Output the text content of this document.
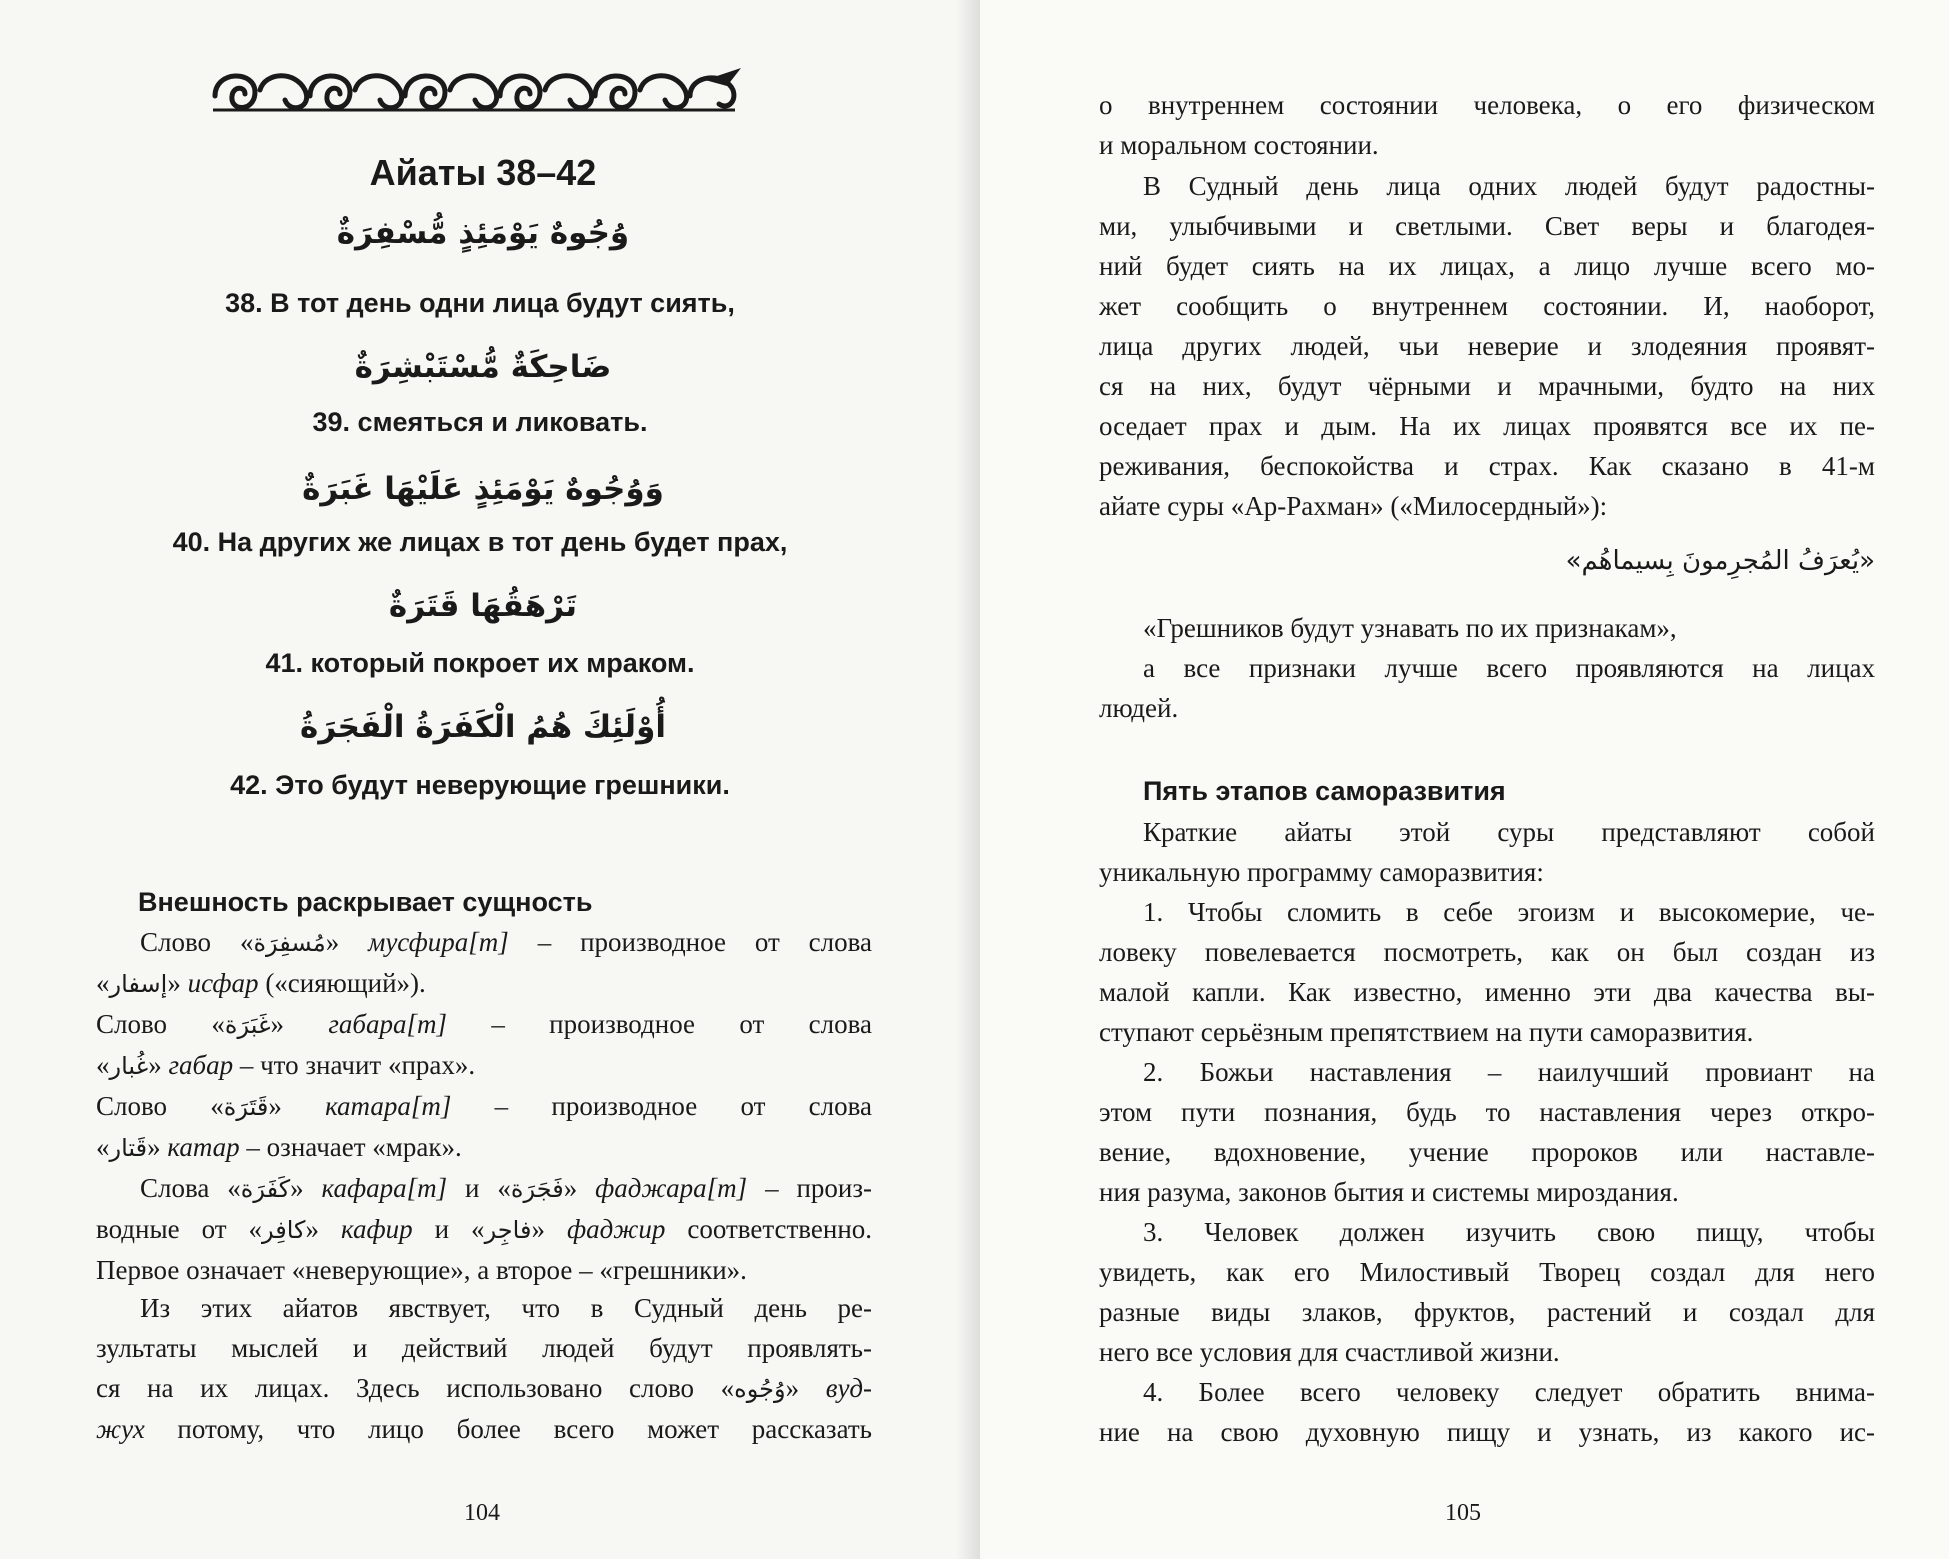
Айаты 38–42
وُجُوهٌ يَوْمَئِذٍ مُّسْفِرَةٌ
38. В тот день одни лица будут сиять,
ضَاحِكَةٌ مُّسْتَبْشِرَةٌ
39. смеяться и ликовать.
وَوُجُوهٌ يَوْمَئِذٍ عَلَيْهَا غَبَرَةٌ
40. На других же лицах в тот день будет прах,
تَرْهَقُهَا قَتَرَةٌ
41. который покроет их мраком.
أُوْلَئِكَ هُمُ الْكَفَرَةُ الْفَجَرَةُ
42. Это будут неверующие грешники.
Внешность раскрывает сущность

Слово «مُسفِرَة» мусфира[т] – производное от слова

«إسفار» исфар («сияющий»).

Слово «غَبَرَة» габара[т] – производное от слова

«غُبار» габар – что значит «прах».

Слово «قَتَرَة» катара[т] – производное от слова

«قَتار» катар – означает «мрак».

Слова «كَفَرَة» кафара[т] и «فَجَرَة» фаджара[т] – произ-

водные от «كافِر» кафир и «فاجِر» фаджир соответственно.

Первое означает «неверующие», а второе – «грешники».

Из этих айатов явствует, что в Судный день ре-

зультаты мыслей и действий людей будут проявлять-

ся на их лицах. Здесь использовано слово «وُجُوه» вуд-

жух потому, что лицо более всего может рассказать

104

о внутреннем состоянии человека, о его физическом

и моральном состоянии.

В Судный день лица одних людей будут радостны-

ми, улыбчивыми и светлыми. Свет веры и благодея-

ний будет сиять на их лицах, а лицо лучше всего мо-

жет сообщить о внутреннем состоянии. И, наоборот,

лица других людей, чьи неверие и злодеяния проявят-

ся на них, будут чёрными и мрачными, будто на них

оседает прах и дым. На их лицах проявятся все их пе-

реживания, беспокойства и страх. Как сказано в 41-м

айате суры «Ар-Рахман» («Милосердный»):

«يُعرَفُ المُجرِمونَ بِسيماهُم»

«Грешников будут узнавать по их признакам»,

а все признаки лучше всего проявляются на лицах

людей.

Пять этапов саморазвития

Краткие айаты этой суры представляют собой

уникальную программу саморазвития:

1. Чтобы сломить в себе эгоизм и высокомерие, че-

ловеку повелевается посмотреть, как он был создан из

малой капли. Как известно, именно эти два качества вы-

ступают серьёзным препятствием на пути саморазвития.

2. Божьи наставления – наилучший провиант на

этом пути познания, будь то наставления через откро-

вение, вдохновение, учение пророков или наставле-

ния разума, законов бытия и системы мироздания.

3. Человек должен изучить свою пищу, чтобы

увидеть, как его Милостивый Творец создал для него

разные виды злаков, фруктов, растений и создал для

него все условия для счастливой жизни.

4. Более всего человеку следует обратить внима-

ние на свою духовную пищу и узнать, из какого ис-

105
